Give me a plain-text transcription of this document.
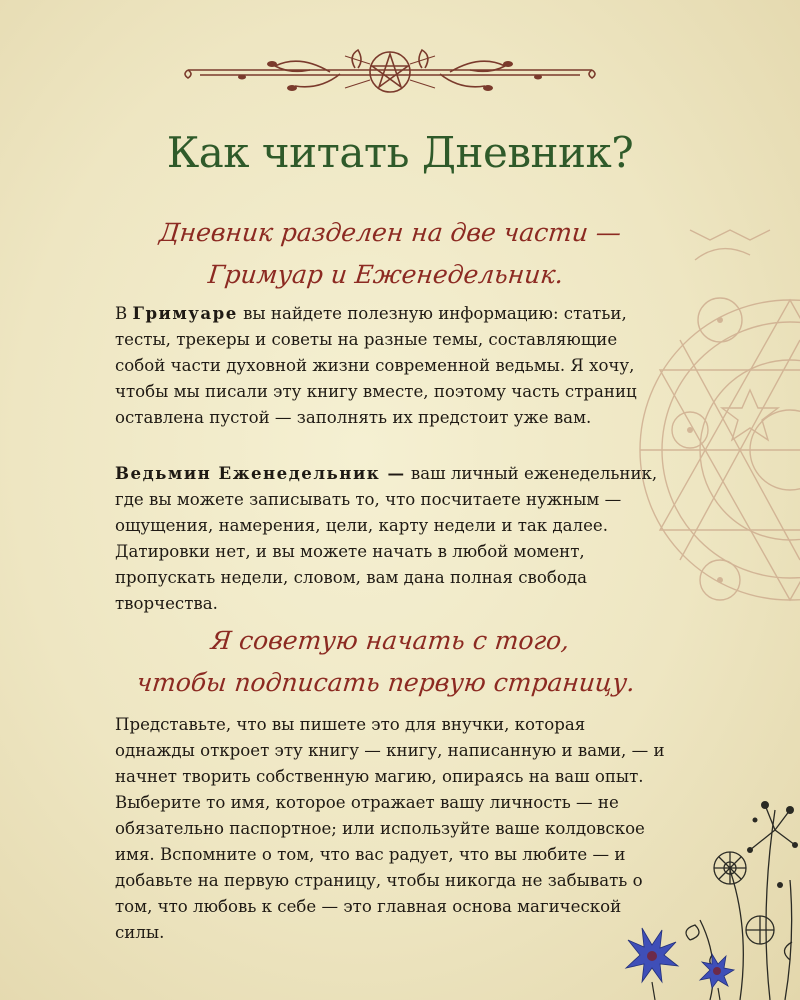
Как читать Дневник?
Дневник разделен на две части —
Гримуар и Еженедельник.

В Гримуаре вы найдете полезную информацию: статьи, тесты, трекеры и советы на разные темы, составляющие собой части духовной жизни современной ведьмы. Я хочу, чтобы мы писали эту книгу вместе, поэтому часть страниц оставлена пустой — заполнять их предстоит уже вам.

Ведьмин Еженедельник — ваш личный еженедельник, где вы можете записывать то, что посчитаете нужным — ощущения, намерения, цели, карту недели и так далее. Датировки нет, и вы можете начать в любой момент, пропускать недели, словом, вам дана полная свобода творчества.

Я советую начать с того,
чтобы подписать первую страницу.

Представьте, что вы пишете это для внучки, которая однажды откроет эту книгу — книгу, написанную и вами, — и начнет творить собственную магию, опираясь на ваш опыт. Выберите то имя, которое отражает вашу личность — не обязательно паспортное; или используйте ваше колдовское имя. Вспомните о том, что вас радует, что вы любите — и добавьте на первую страницу, чтобы никогда не забывать о том, что любовь к себе — это главная основа магической силы.
